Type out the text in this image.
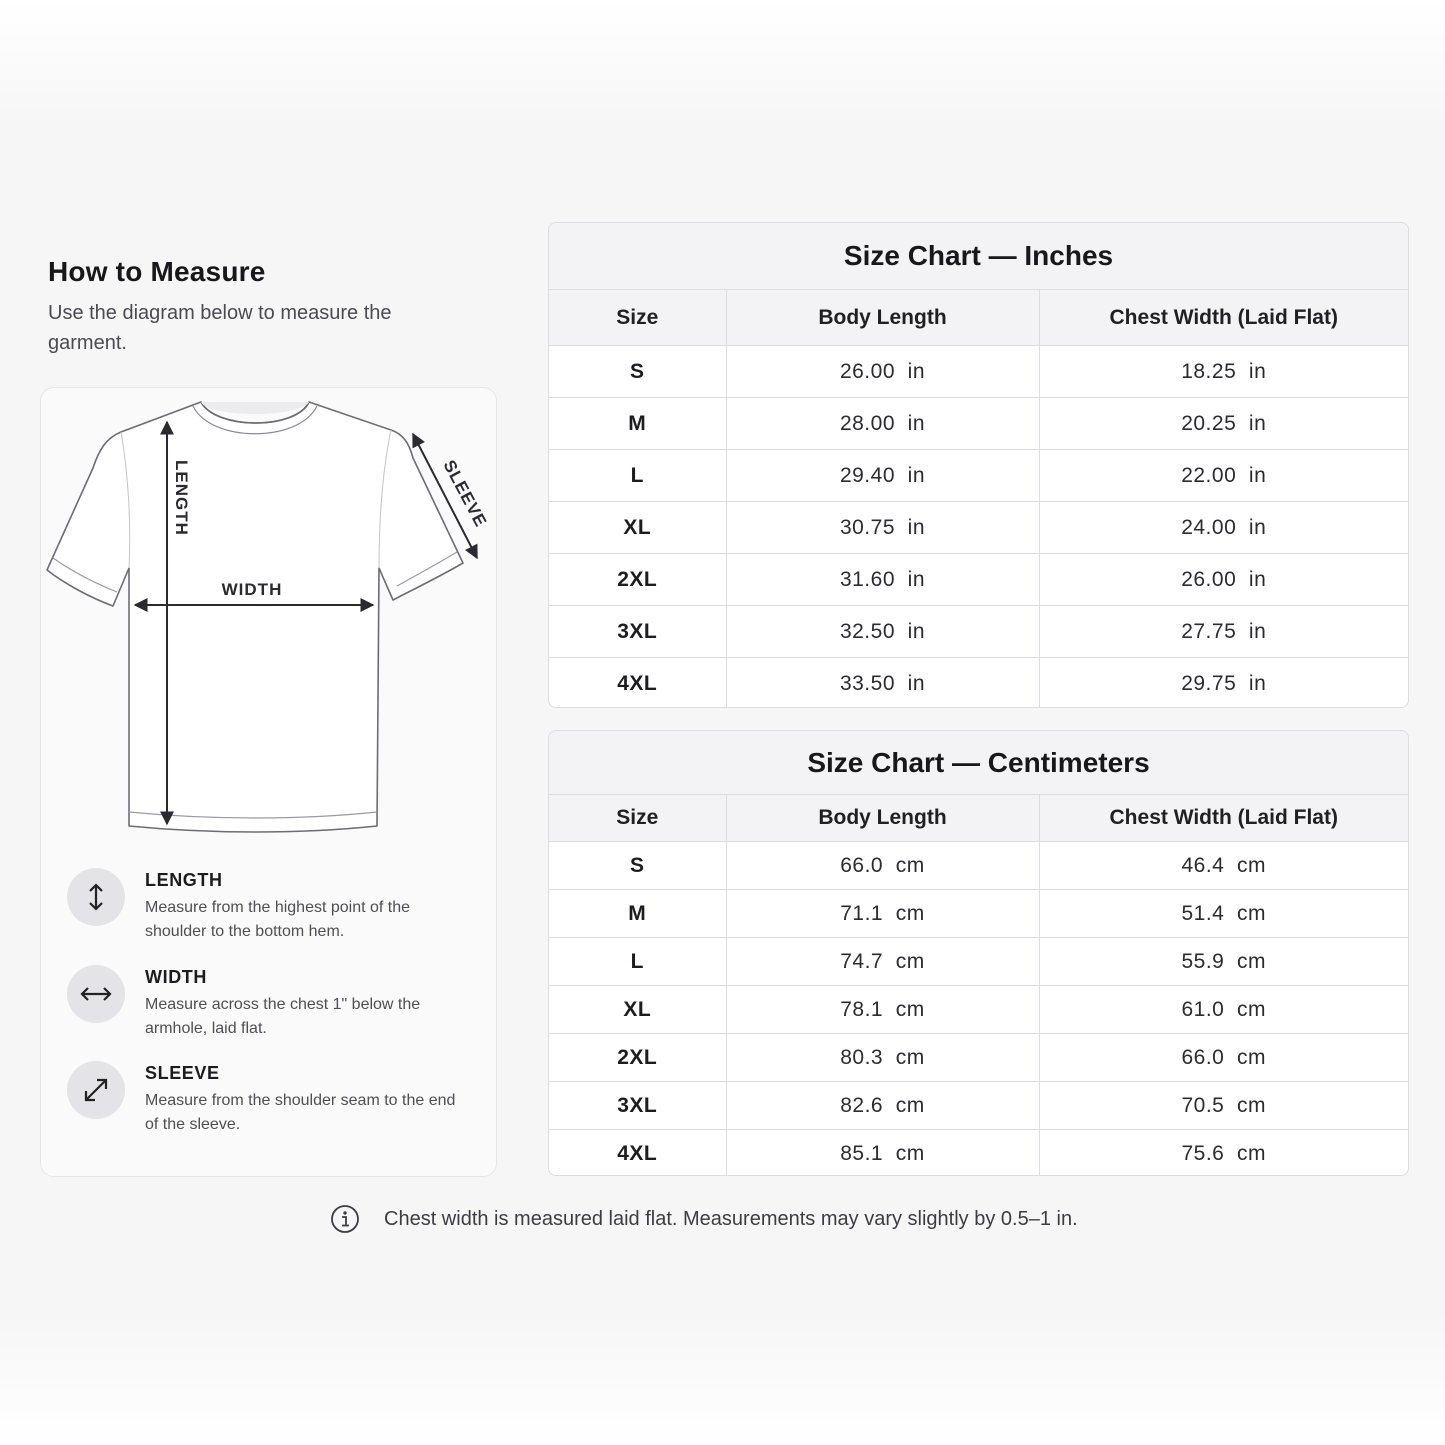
How to Measure

Use the diagram below to measure the garment.

LENGTH
WIDTH
SLEEVE
LENGTH
Measure from the highest point of the shoulder to the bottom hem.
WIDTH
Measure across the chest 1" below the armhole, laid flat.
SLEEVE
Measure from the shoulder seam to the end of the sleeve.
Size Chart — Inches
Size	Body Length	Chest Width (Laid Flat)
S	26.00  in	18.25  in
M	28.00  in	20.25  in
L	29.40  in	22.00  in
XL	30.75  in	24.00  in
2XL	31.60  in	26.00  in
3XL	32.50  in	27.75  in
4XL	33.50  in	29.75  in
Size Chart — Centimeters
Size	Body Length	Chest Width (Laid Flat)
S	66.0  cm	46.4  cm
M	71.1  cm	51.4  cm
L	74.7  cm	55.9  cm
XL	78.1  cm	61.0  cm
2XL	80.3  cm	66.0  cm
3XL	82.6  cm	70.5  cm
4XL	85.1  cm	75.6  cm
Chest width is measured laid flat. Measurements may vary slightly by 0.5–1 in.
